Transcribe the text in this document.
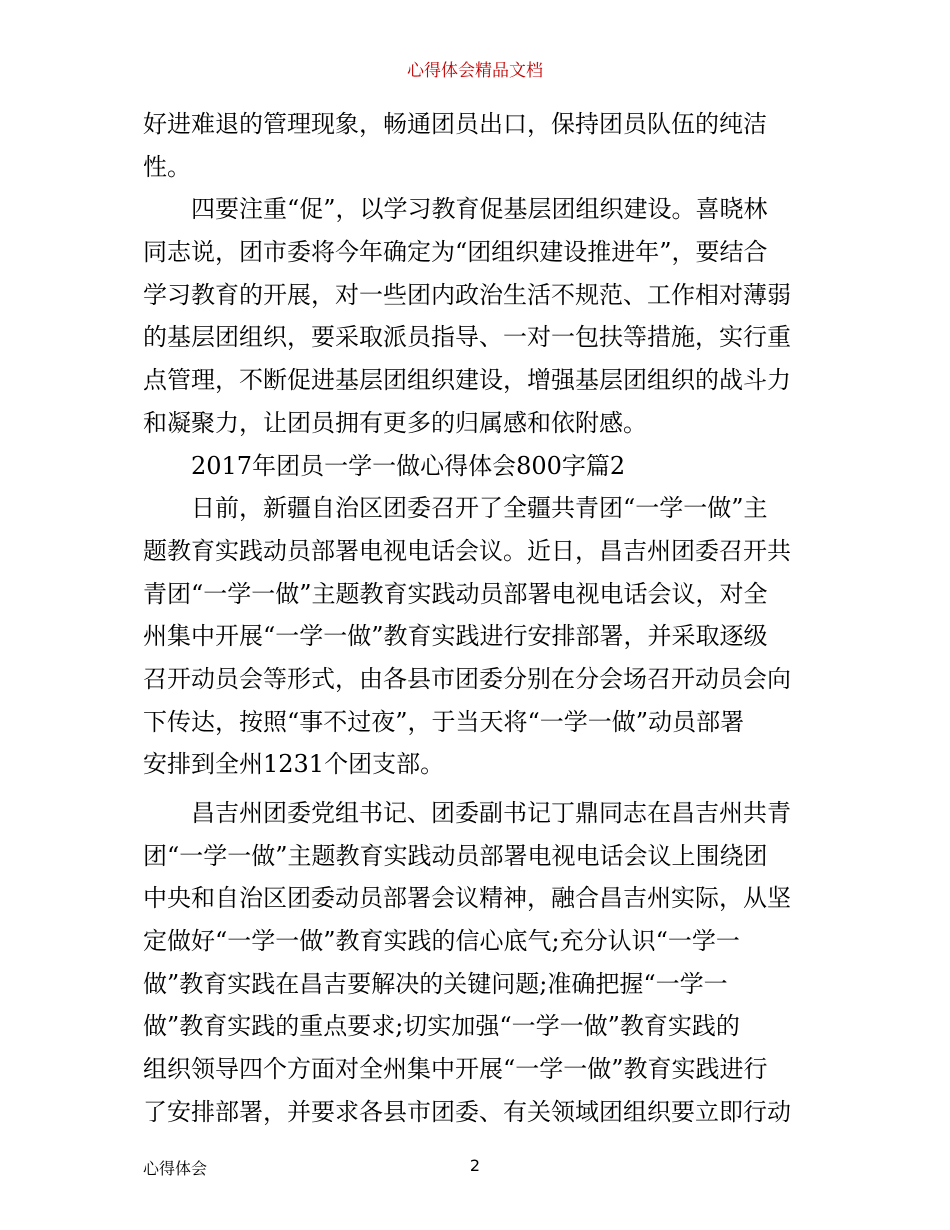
心得体会精品文档
好进难退的管理现象，畅通团员出口，保持团员队伍的纯洁
性。
四要注重“促”，以学习教育促基层团组织建设。喜晓林
同志说，团市委将今年确定为“团组织建设推进年”，要结合
学习教育的开展，对一些团内政治生活不规范、工作相对薄弱
的基层团组织，要采取派员指导、一对一包扶等措施，实行重
点管理，不断促进基层团组织建设，增强基层团组织的战斗力
和凝聚力，让团员拥有更多的归属感和依附感。
2017年团员一学一做心得体会800字篇2
日前，新疆自治区团委召开了全疆共青团“一学一做”主
题教育实践动员部署电视电话会议。近日，昌吉州团委召开共
青团“一学一做”主题教育实践动员部署电视电话会议，对全
州集中开展“一学一做”教育实践进行安排部署，并采取逐级
召开动员会等形式，由各县市团委分别在分会场召开动员会向
下传达，按照“事不过夜”，于当天将“一学一做”动员部署
安排到全州1231个团支部。
昌吉州团委党组书记、团委副书记丁鼎同志在昌吉州共青
团“一学一做”主题教育实践动员部署电视电话会议上围绕团
中央和自治区团委动员部署会议精神，融合昌吉州实际，从坚
定做好“一学一做”教育实践的信心底气;充分认识“一学一
做”教育实践在昌吉要解决的关键问题;准确把握“一学一
做”教育实践的重点要求;切实加强“一学一做”教育实践的
组织领导四个方面对全州集中开展“一学一做”教育实践进行
了安排部署，并要求各县市团委、有关领域团组织要立即行动
心得体会	2
